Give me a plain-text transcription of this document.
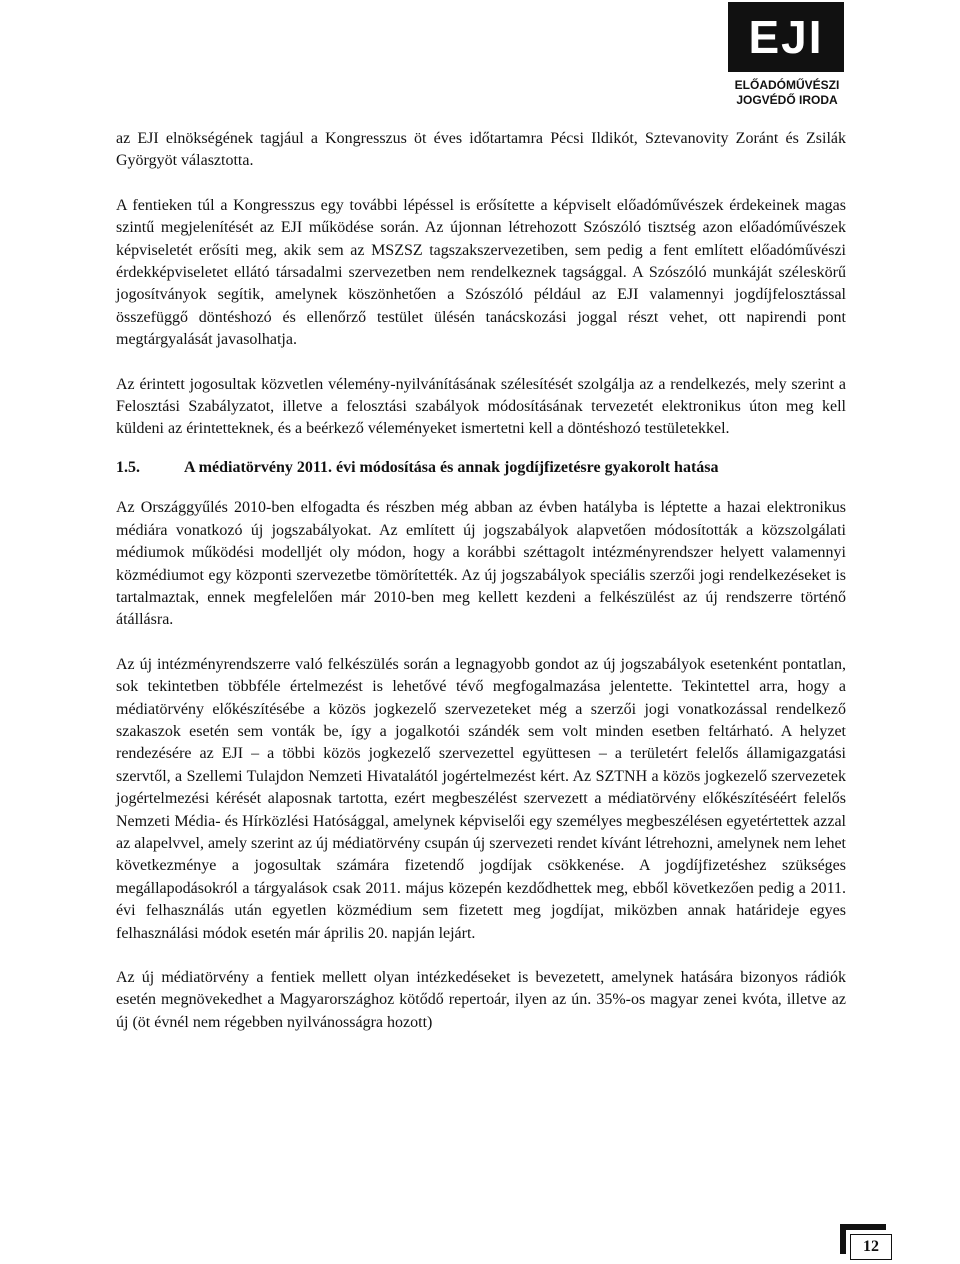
EJI
ELŐADÓMŰVÉSZI
JOGVÉDŐ IRODA

az EJI elnökségének tagjául a Kongresszus öt éves időtartamra Pécsi Ildikót, Sztevanovity Zoránt és Zsilák Györgyöt választotta.

A fentieken túl a Kongresszus egy további lépéssel is erősítette a képviselt előadóművészek érdekeinek magas szintű megjelenítését az EJI működése során. Az újonnan létrehozott Szószóló tisztség azon előadóművészek képviseletét erősíti meg, akik sem az MSZSZ tagszakszervezetiben, sem pedig a fent említett előadóművészi érdekképviseletet ellátó társadalmi szervezetben nem rendelkeznek tagsággal. A Szószóló munkáját széleskörű jogosítványok segítik, amelynek köszönhetően a Szószóló például az EJI valamennyi jogdíjfelosztással összefüggő döntéshozó és ellenőrző testület ülésén tanácskozási joggal részt vehet, ott napirendi pont megtárgyalását javasolhatja.

Az érintett jogosultak közvetlen vélemény-nyilvánításának szélesítését szolgálja az a rendelkezés, mely szerint a Felosztási Szabályzatot, illetve a felosztási szabályok módosításának tervezetét elektronikus úton meg kell küldeni az érintetteknek, és a beérkező véleményeket ismertetni kell a döntéshozó testületekkel.

1.5.	A médiatörvény 2011. évi módosítása és annak jogdíjfizetésre gyakorolt hatása

Az Országgyűlés 2010-ben elfogadta és részben még abban az évben hatályba is léptette a hazai elektronikus médiára vonatkozó új jogszabályokat. Az említett új jogszabályok alapvetően módosították a közszolgálati médiumok működési modelljét oly módon, hogy a korábbi széttagolt intézményrendszer helyett valamennyi közmédiumot egy központi szervezetbe tömörítették. Az új jogszabályok speciális szerzői jogi rendelkezéseket is tartalmaztak, ennek megfelelően már 2010-ben meg kellett kezdeni a felkészülést az új rendszerre történő átállásra.

Az új intézményrendszerre való felkészülés során a legnagyobb gondot az új jogszabályok esetenként pontatlan, sok tekintetben többféle értelmezést is lehetővé tévő megfogalmazása jelentette. Tekintettel arra, hogy a médiatörvény előkészítésébe a közös jogkezelő szervezeteket még a szerzői jogi vonatkozással rendelkező szakaszok esetén sem vonták be, így a jogalkotói szándék sem volt minden esetben feltárható. A helyzet rendezésére az EJI – a többi közös jogkezelő szervezettel együttesen – a területért felelős államigazgatási szervtől, a Szellemi Tulajdon Nemzeti Hivatalától jogértelmezést kért. Az SZTNH a közös jogkezelő szervezetek jogértelmezési kérését alaposnak tartotta, ezért megbeszélést szervezett a médiatörvény előkészítéséért felelős Nemzeti Média- és Hírközlési Hatósággal, amelynek képviselői egy személyes megbeszélésen egyetértettek azzal az alapelvvel, amely szerint az új médiatörvény csupán új szervezeti rendet kívánt létrehozni, amelynek nem lehet következménye a jogosultak számára fizetendő jogdíjak csökkenése. A jogdíjfizetéshez szükséges megállapodásokról a tárgyalások csak 2011. május közepén kezdődhettek meg, ebből következően pedig a 2011. évi felhasználás után egyetlen közmédium sem fizetett meg jogdíjat, miközben annak határideje egyes felhasználási módok esetén már április 20. napján lejárt.

Az új médiatörvény a fentiek mellett olyan intézkedéseket is bevezetett, amelynek hatására bizonyos rádiók esetén megnövekedhet a Magyarországhoz kötődő repertoár, ilyen az ún. 35%-os magyar zenei kvóta, illetve az új (öt évnél nem régebben nyilvánosságra hozott)

12
